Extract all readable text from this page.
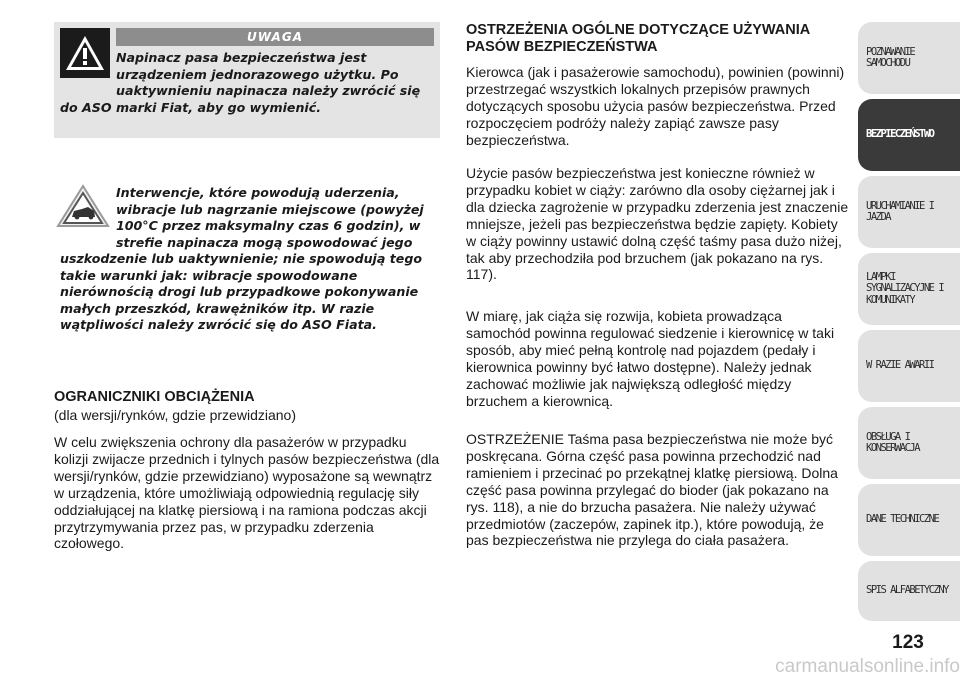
UWAGA
Napinacz pasa bezpieczeństwa jest urządzeniem jednorazowego użytku. Po uaktywnieniu napinacza należy zwrócić się do ASO marki Fiat, aby go wymienić.
Interwencje, które powodują uderzenia, wibracje lub nagrzanie miejscowe (powyżej 100°C przez maksymalny czas 6 godzin), w strefie napinacza mogą spowodować jego uszkodzenie lub uaktywnienie; nie spowodują tego takie warunki jak: wibracje spowodowane nierównością drogi lub przypadkowe pokonywanie małych przeszkód, krawężników itp. W razie wątpliwości należy zwrócić się do ASO Fiata.
OGRANICZNIKI OBCIĄŻENIA
(dla wersji/rynków, gdzie przewidziano)
W celu zwiększenia ochrony dla pasażerów w przypadku kolizji zwijacze przednich i tylnych pasów bezpieczeństwa (dla wersji/rynków, gdzie przewidziano) wyposażone są wewnątrz w urządzenia, które umożliwiają odpowiednią regulację siły oddziałującej na klatkę piersiową i na ramiona podczas akcji przytrzymywania przez pas, w przypadku zderzenia czołowego.
OSTRZEŻENIA OGÓLNE DOTYCZĄCE UŻYWANIA PASÓW BEZPIECZEŃSTWA
Kierowca (jak i pasażerowie samochodu), powinien (powinni) przestrzegać wszystkich lokalnych przepisów prawnych dotyczących sposobu użycia pasów bezpieczeństwa. Przed rozpoczęciem podróży należy zapiąć zawsze pasy bezpieczeństwa.
Użycie pasów bezpieczeństwa jest konieczne również w przypadku kobiet w ciąży: zarówno dla osoby ciężarnej jak i dla dziecka zagrożenie w przypadku zderzenia jest znaczenie mniejsze, jeżeli pas bezpieczeństwa będzie zapięty. Kobiety w ciąży powinny ustawić dolną część taśmy pasa dużo niżej, tak aby przechodziła pod brzuchem (jak pokazano na rys. 117).
W miarę, jak ciąża się rozwija, kobieta prowadząca samochód powinna regulować siedzenie i kierownicę w taki sposób, aby mieć pełną kontrolę nad pojazdem (pedały i kierownica powinny być łatwo dostępne). Należy jednak zachować możliwie jak największą odległość między brzuchem a kierownicą.
OSTRZEŻENIE Taśma pasa bezpieczeństwa nie może być poskręcana. Górna część pasa powinna przechodzić nad ramieniem i przecinać po przekątnej klatkę piersiową. Dolna część pasa powinna przylegać do bioder (jak pokazano na rys. 118), a nie do brzucha pasażera. Nie należy używać przedmiotów (zaczepów, zapinek itp.), które powodują, że pas bezpieczeństwa nie przylega do ciała pasażera.
POZNAWANIE SAMOCHODU
BEZPIECZEŃSTWO
URUCHAMIANIE I JAZDA
LAMPKI SYGNALIZACYJNE I KOMUNIKATY
W RAZIE AWARII
OBSŁUGA I KONSERWACJA
DANE TECHNICZNE
SPIS ALFABETYCZNY
123
carmanualsonline.info
